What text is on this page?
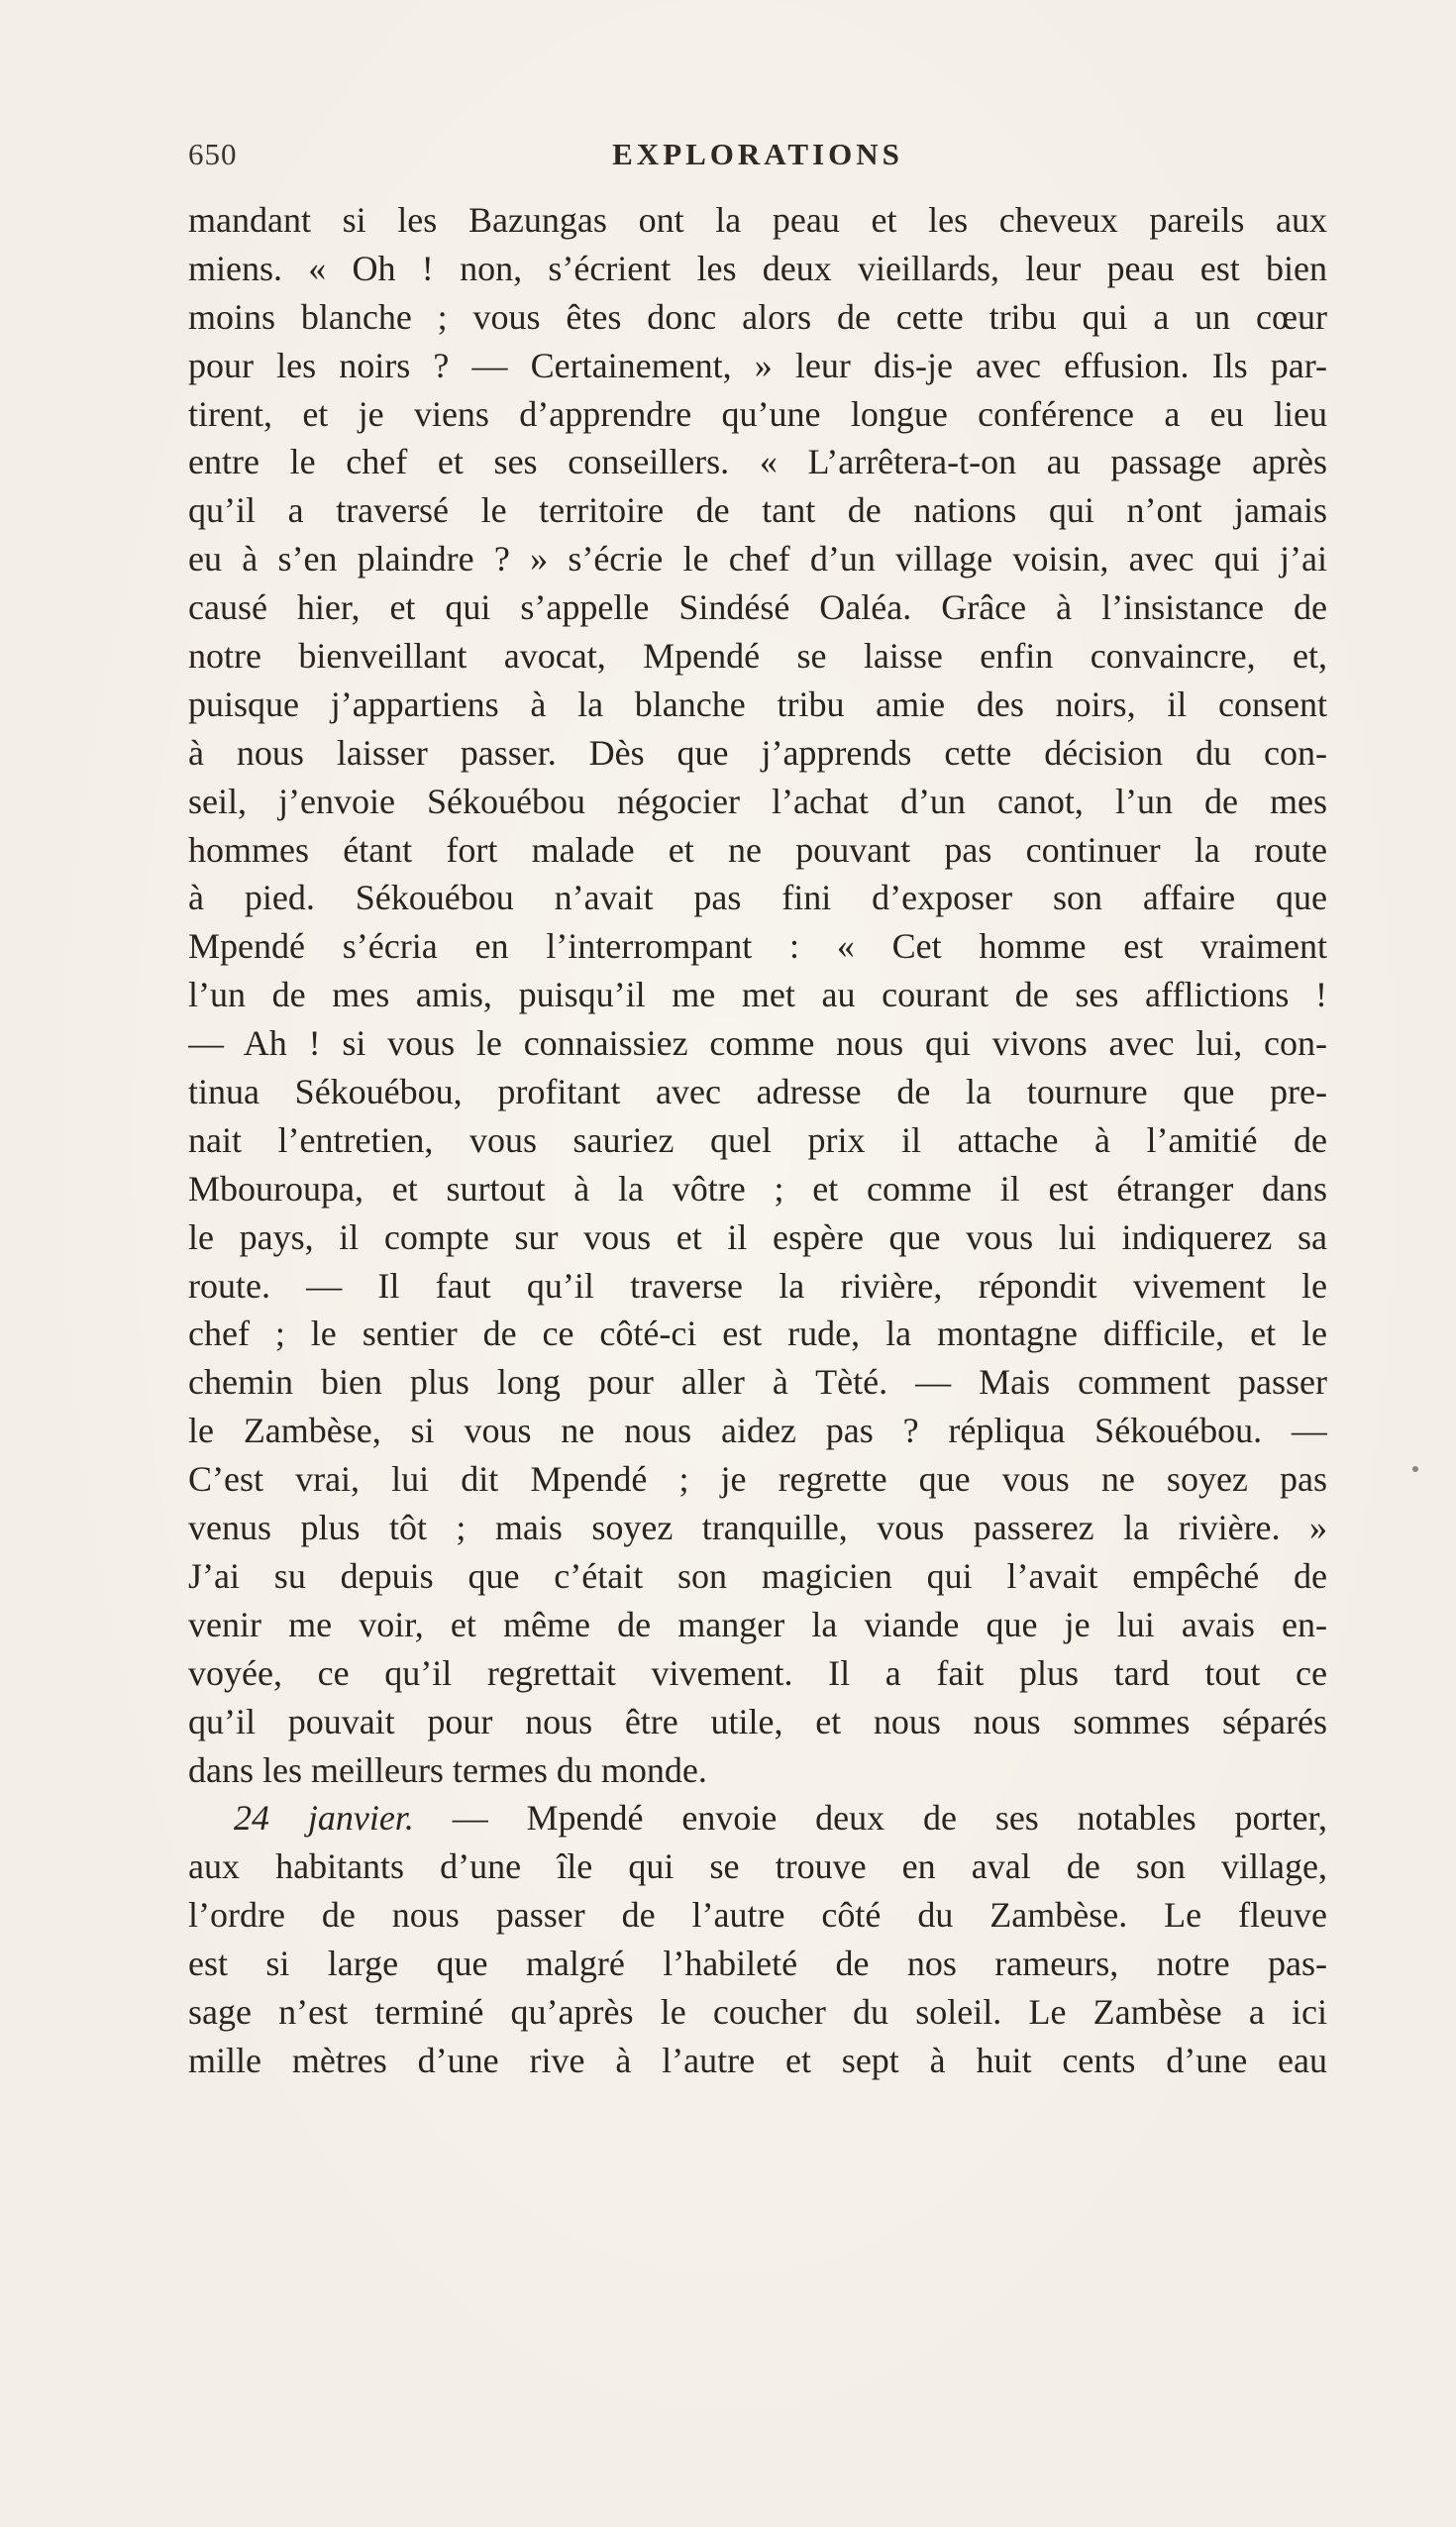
650	EXPLORATIONS
mandant si les Bazungas ont la peau et les cheveux pareils aux
miens. « Oh ! non, s’écrient les deux vieillards, leur peau est bien
moins blanche ; vous êtes donc alors de cette tribu qui a un cœur
pour les noirs ? — Certainement, » leur dis-je avec effusion. Ils par-
tirent, et je viens d’apprendre qu’une longue conférence a eu lieu
entre le chef et ses conseillers. « L’arrêtera-t-on au passage après
qu’il a traversé le territoire de tant de nations qui n’ont jamais
eu à s’en plaindre ? » s’écrie le chef d’un village voisin, avec qui j’ai
causé hier, et qui s’appelle Sindésé Oaléa. Grâce à l’insistance de
notre bienveillant avocat, Mpendé se laisse enfin convaincre, et,
puisque j’appartiens à la blanche tribu amie des noirs, il consent
à nous laisser passer. Dès que j’apprends cette décision du con-
seil, j’envoie Sékouébou négocier l’achat d’un canot, l’un de mes
hommes étant fort malade et ne pouvant pas continuer la route
à pied. Sékouébou n’avait pas fini d’exposer son affaire que
Mpendé s’écria en l’interrompant : « Cet homme est vraiment
l’un de mes amis, puisqu’il me met au courant de ses afflictions !
— Ah ! si vous le connaissiez comme nous qui vivons avec lui, con-
tinua Sékouébou, profitant avec adresse de la tournure que pre-
nait l’entretien, vous sauriez quel prix il attache à l’amitié de
Mbouroupa, et surtout à la vôtre ; et comme il est étranger dans
le pays, il compte sur vous et il espère que vous lui indiquerez sa
route. — Il faut qu’il traverse la rivière, répondit vivement le
chef ; le sentier de ce côté-ci est rude, la montagne difficile, et le
chemin bien plus long pour aller à Tèté. — Mais comment passer
le Zambèse, si vous ne nous aidez pas ? répliqua Sékouébou. —
C’est vrai, lui dit Mpendé ; je regrette que vous ne soyez pas
venus plus tôt ; mais soyez tranquille, vous passerez la rivière. »
J’ai su depuis que c’était son magicien qui l’avait empêché de
venir me voir, et même de manger la viande que je lui avais en-
voyée, ce qu’il regrettait vivement. Il a fait plus tard tout ce
qu’il pouvait pour nous être utile, et nous nous sommes séparés
dans les meilleurs termes du monde.
24 janvier. — Mpendé envoie deux de ses notables porter,
aux habitants d’une île qui se trouve en aval de son village,
l’ordre de nous passer de l’autre côté du Zambèse. Le fleuve
est si large que malgré l’habileté de nos rameurs, notre pas-
sage n’est terminé qu’après le coucher du soleil. Le Zambèse a ici
mille mètres d’une rive à l’autre et sept à huit cents d’une eau
